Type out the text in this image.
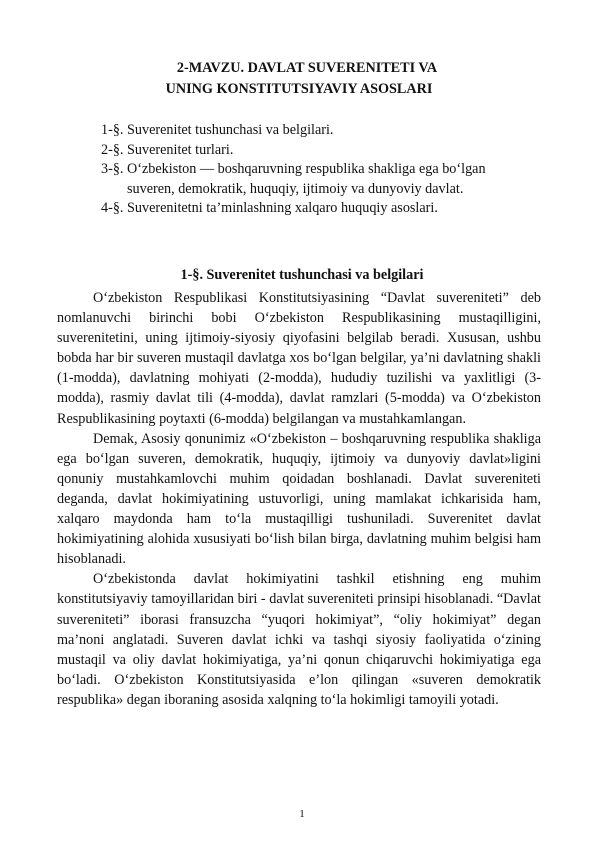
2-MAVZU. DAVLAT SUVERENITETI VA
UNING KONSTITUTSIYAVIY ASOSLARI
1-§. Suverenitet tushunchasi va belgilari.
2-§. Suverenitet turlari.
3-§. O‘zbekiston — boshqaruvning respublika shakliga ega bo‘lgan
suveren, demokratik, huquqiy, ijtimoiy va dunyoviy davlat.
4-§. Suverenitetni ta’minlashning xalqaro huquqiy asoslari.
1-§. Suverenitet tushunchasi va belgilari

O‘zbekiston Respublikasi Konstitutsiyasining “Davlat suvereniteti” deb nomlanuvchi birinchi bobi O‘zbekiston Respublikasining mustaqilligini, suverenitetini, uning ijtimoiy-siyosiy qiyofasini belgilab beradi. Xususan, ushbu bobda har bir suveren mustaqil davlatga xos bo‘lgan belgilar, ya’ni davlatning shakli (1-modda), davlatning mohiyati (2-modda), hududiy tuzilishi va yaxlitligi (3-modda), rasmiy davlat tili (4-modda), davlat ramzlari (5-modda) va O‘zbekiston Respublikasining poytaxti (6-modda) belgilangan va mustahkamlangan.

Demak, Asosiy qonunimiz «O‘zbekiston – boshqaruvning respublika shakliga ega bo‘lgan suveren, demokratik, huquqiy, ijtimoiy va dunyoviy davlat»ligini qonuniy mustahkamlovchi muhim qoidadan boshlanadi. Davlat suvereniteti deganda, davlat hokimiyatining ustuvorligi, uning mamlakat ichkarisida ham, xalqaro maydonda ham to‘la mustaqilligi tushuniladi. Suverenitet davlat hokimiyatining alohida xususiyati bo‘lish bilan birga, davlatning muhim belgisi ham hisoblanadi.

O‘zbekistonda davlat hokimiyatini tashkil etishning eng muhim konstitutsiyaviy tamoyillaridan biri - davlat suvereniteti prinsipi hisoblanadi. “Davlat suvereniteti” iborasi fransuzcha “yuqori hokimiyat”, “oliy hokimiyat” degan ma’noni anglatadi. Suveren davlat ichki va tashqi siyosiy faoliyatida o‘zining mustaqil va oliy davlat hokimiyatiga, ya’ni qonun chiqaruvchi hokimiyatiga ega bo‘ladi. O‘zbekiston Konstitutsiyasida e’lon qilingan «suveren demokratik respublika» degan iboraning asosida xalqning to‘la hokimligi tamoyili yotadi.

1
